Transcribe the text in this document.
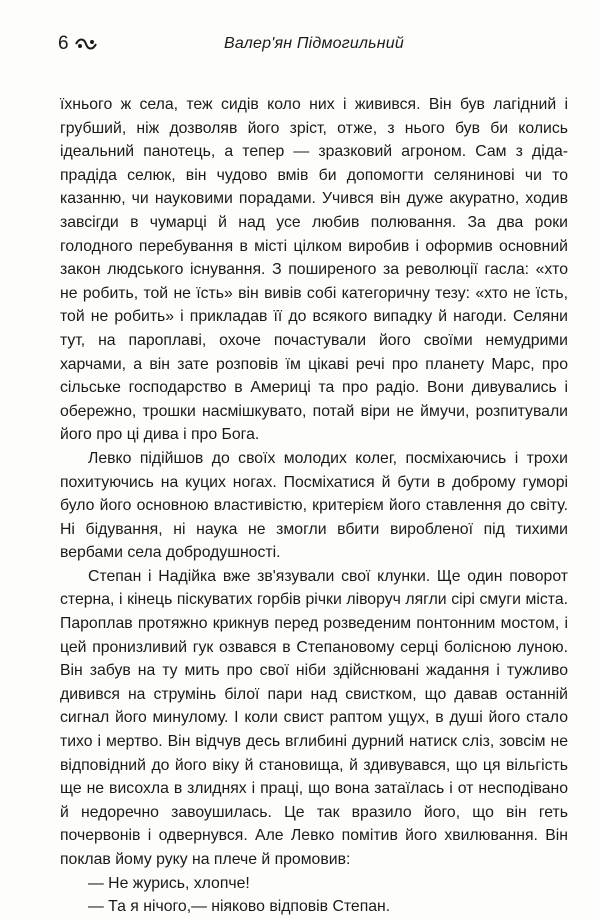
6	Валер'ян Підмогильний

їхнього ж села, теж сидів коло них і живився. Він був лагідний і грубший, ніж дозволяв його зріст, отже, з нього був би колись ідеальний панотець, а тепер — зразковий агроном. Сам з діда-прадіда селюк, він чудово вмів би допомогти селянинові чи то казанню, чи науковими порадами. Учився він дуже акуратно, ходив завсігди в чумарці й над усе любив полювання. За два роки голодного перебування в місті цілком виробив і оформив основний закон людського існування. З поширеного за революції гасла: «хто не робить, той не їсть» він вивів собі категоричну тезу: «хто не їсть, той не робить» і прикладав її до всякого випадку й нагоди. Селяни тут, на пароплаві, охоче почастували його своїми немудрими харчами, а він зате розповів їм цікаві речі про планету Марс, про сільське господарство в Америці та про радіо. Вони дивувались і обережно, трошки насмішкувато, потай віри не ймучи, розпитували його про ці дива і про Бога.

Левко підійшов до своїх молодих колег, посміхаючись і трохи похитуючись на куцих ногах. Посміхатися й бути в доброму гуморі було його основною властивістю, критерієм його ставлення до світу. Ні бідування, ні наука не змогли вбити виробленої під тихими вербами села добродушності.

Степан і Надійка вже зв'язували свої клунки. Ще один поворот стерна, і кінець піскуватих горбів річки ліворуч лягли сірі смуги міста. Пароплав протяжно крикнув перед розведеним понтонним мостом, і цей пронизливий гук озвався в Степановому серці болісною луною. Він забув на ту мить про свої ніби здійснювані жадання і тужливо дивився на струмінь білої пари над свистком, що давав останній сигнал його минулому. І коли свист раптом ущух, в душі його стало тихо і мертво. Він відчув десь вглибині дурний натиск сліз, зовсім не відповідний до його віку й становища, й здивувався, що ця вільгість ще не висохла в злиднях і праці, що вона затаїлась і от несподівано й недоречно завоушилась. Це так вразило його, що він геть почервонів і одвернувся. Але Левко помітив його хвилювання. Він поклав йому руку на плече й промовив:

— Не журись, хлопче!

— Та я нічого,— ніяково відповів Степан.
